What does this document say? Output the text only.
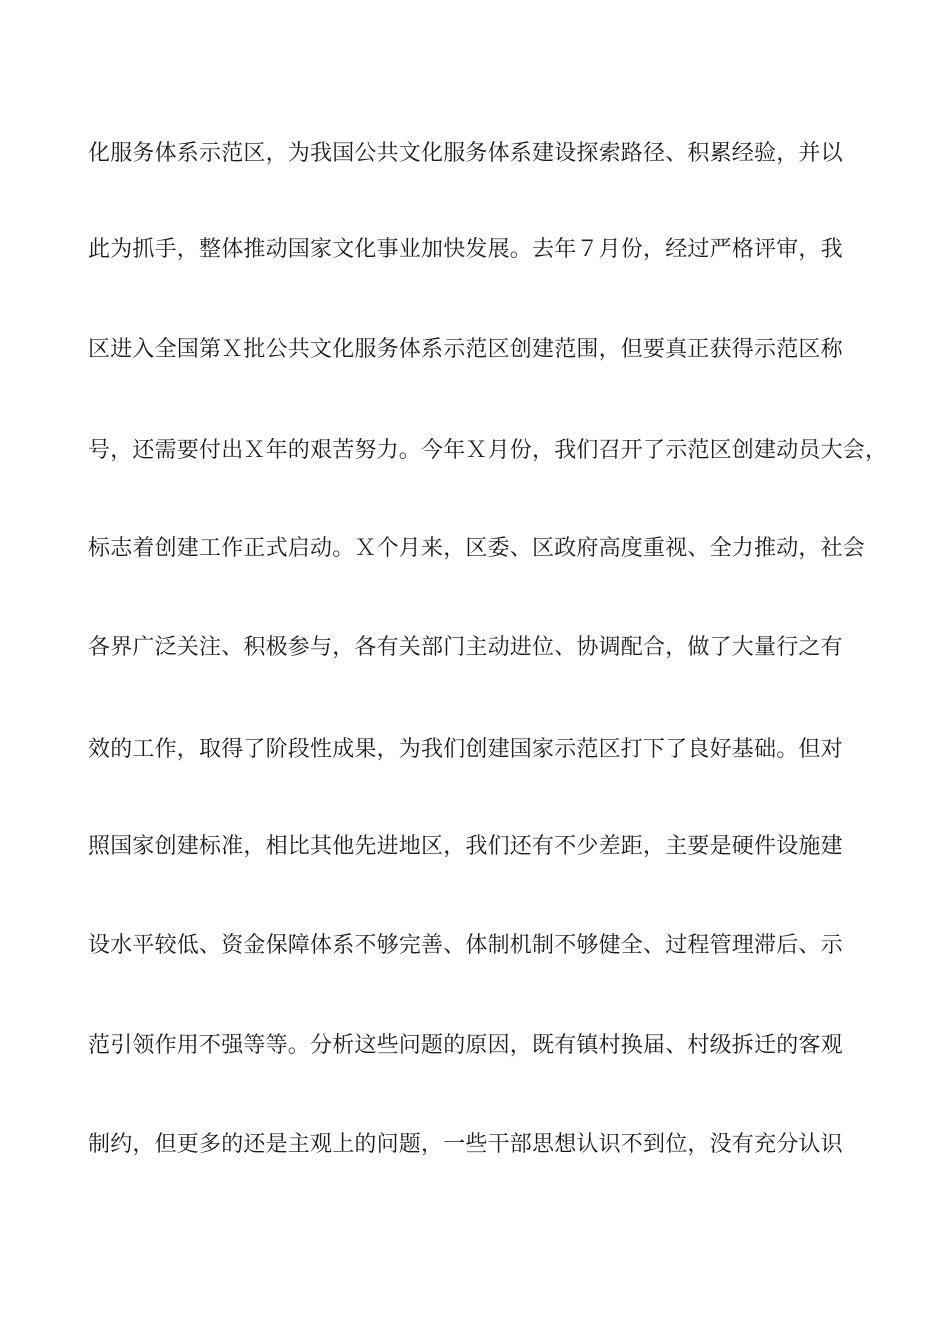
化服务体系示范区，为我国公共文化服务体系建设探索路径、积累经验，并以
此为抓手，整体推动国家文化事业加快发展。去年７月份，经过严格评审，我
区进入全国第Ｘ批公共文化服务体系示范区创建范围，但要真正获得示范区称
号，还需要付出Ｘ年的艰苦努力。今年Ｘ月份，我们召开了示范区创建动员大会，
标志着创建工作正式启动。Ｘ个月来，区委、区政府高度重视、全力推动，社会
各界广泛关注、积极参与，各有关部门主动进位、协调配合，做了大量行之有
效的工作，取得了阶段性成果，为我们创建国家示范区打下了良好基础。但对
照国家创建标准，相比其他先进地区，我们还有不少差距，主要是硬件设施建
设水平较低、资金保障体系不够完善、体制机制不够健全、过程管理滞后、示
范引领作用不强等等。分析这些问题的原因，既有镇村换届、村级拆迁的客观
制约，但更多的还是主观上的问题，一些干部思想认识不到位，没有充分认识
